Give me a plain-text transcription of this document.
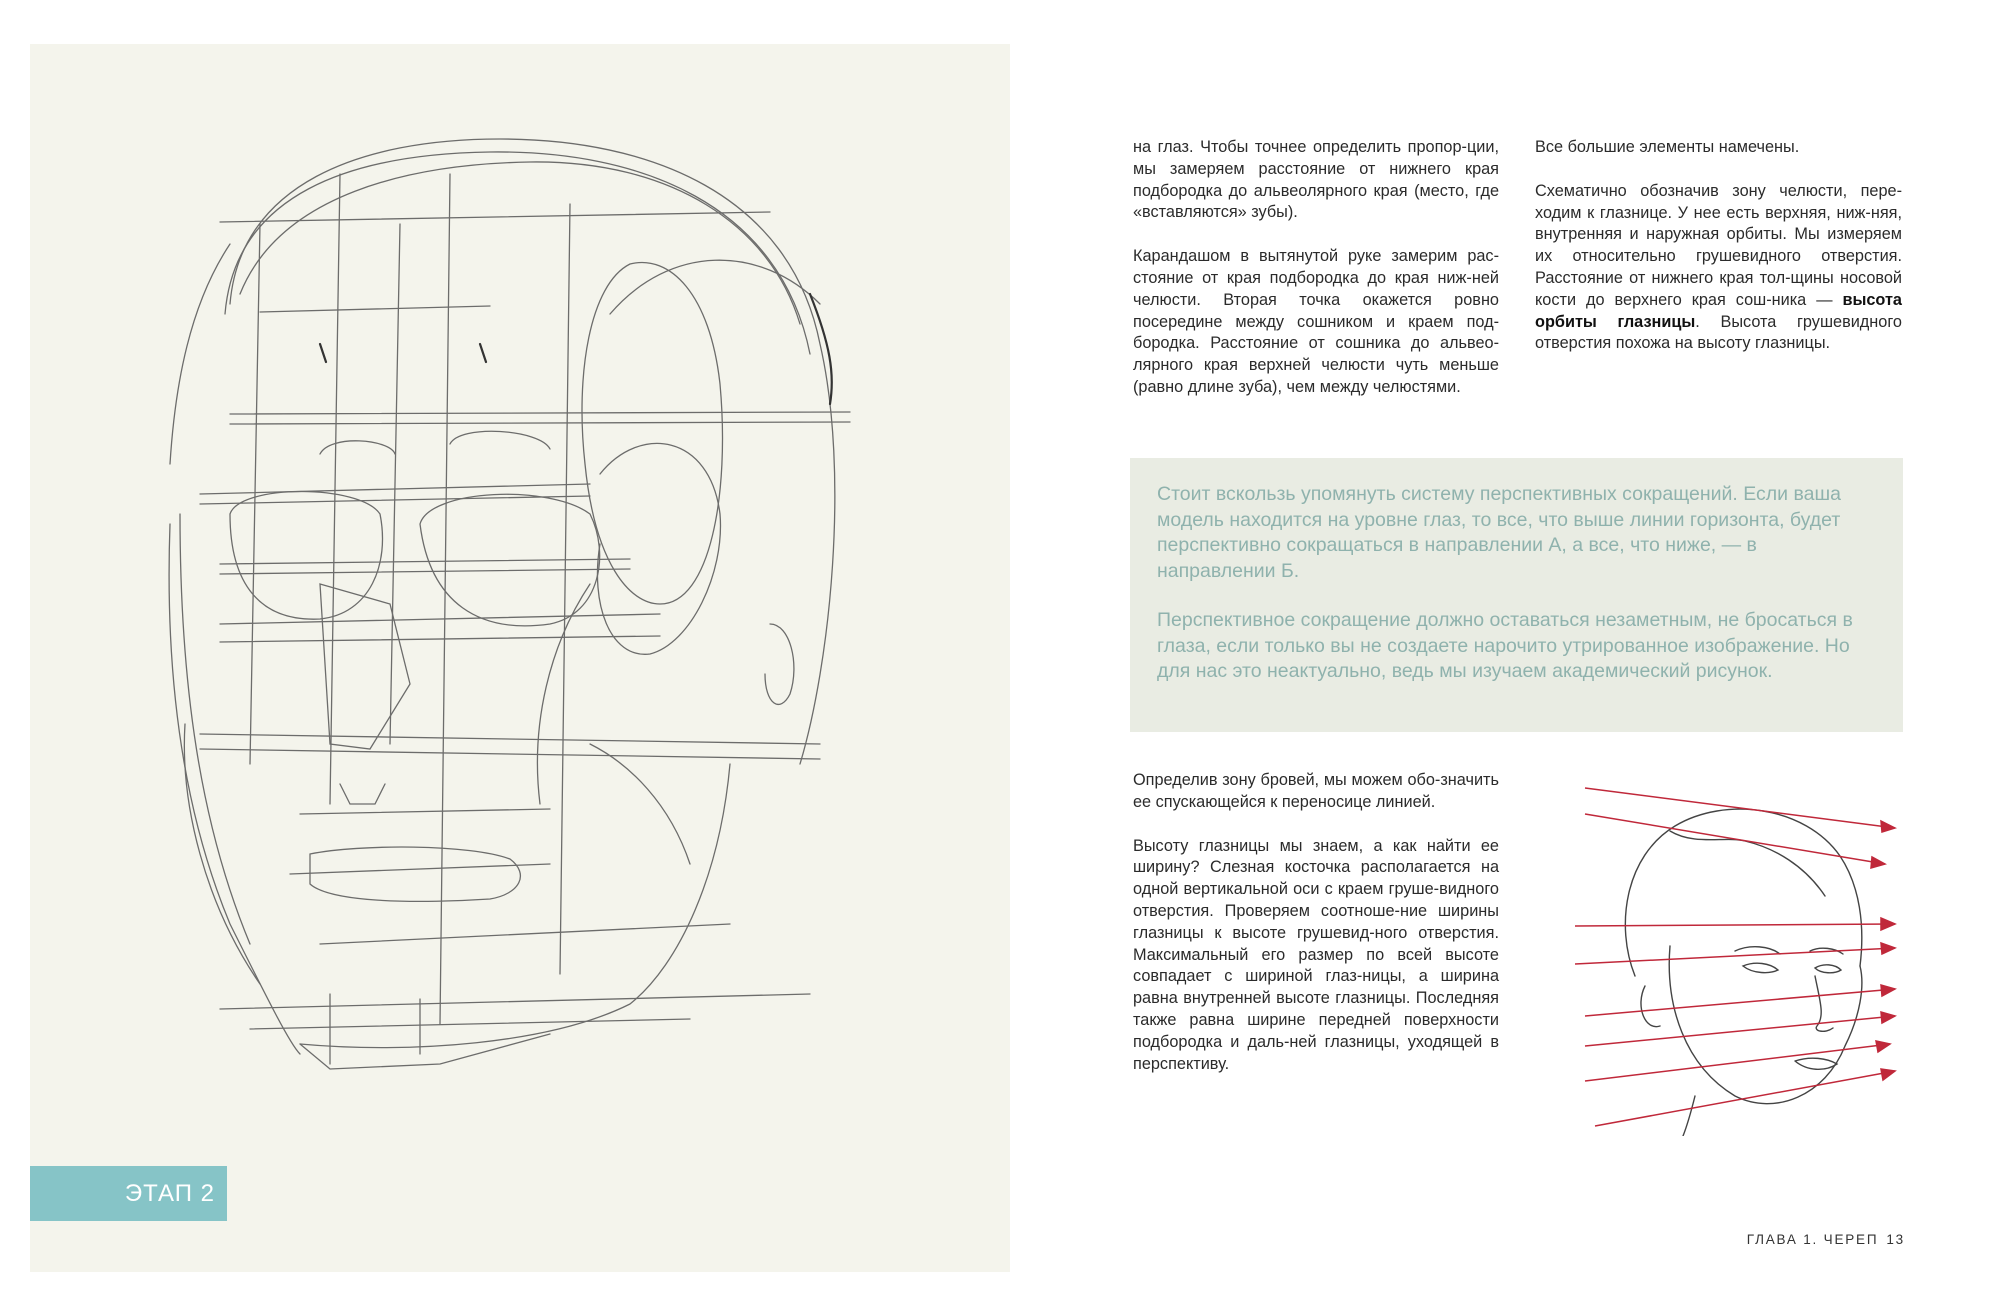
ЭТАП 2

на глаз. Чтобы точнее определить пропор-ции, мы замеряем расстояние от нижнего края подбородка до альвеолярного края (место, где «вставляются» зубы).

Карандашом в вытянутой руке замерим рас-стояние от края подбородка до края ниж-ней челюсти. Вторая точка окажется ровно посередине между сошником и краем под-бородка. Расстояние от сошника до альвео-лярного края верхней челюсти чуть меньше (равно длине зуба), чем между челюстями.

Все большие элементы намечены.

Схематично обозначив зону челюсти, пере-ходим к глазнице. У нее есть верхняя, ниж-няя, внутренняя и наружная орбиты. Мы измеряем их относительно грушевидного отверстия. Расстояние от нижнего края тол-щины носовой кости до верхнего края сош-ника — высота орбиты глазницы. Высота грушевидного отверстия похожа на высоту глазницы.

Стоит вскользь упомянуть систему перспективных сокращений. Если ваша модель находится на уровне глаз, то все, что выше линии горизонта, будет перспективно сокращаться в направлении А, а все, что ниже, — в направлении Б.

Перспективное сокращение должно оставаться незаметным, не бросаться в глаза, если только вы не создаете нарочито утрированное изображение. Но для нас это неактуально, ведь мы изучаем академический рисунок.

Определив зону бровей, мы можем обо-значить ее спускающейся к переносице линией.

Высоту глазницы мы знаем, а как найти ее ширину? Слезная косточка располагается на одной вертикальной оси с краем груше-видного отверстия. Проверяем соотноше-ние ширины глазницы к высоте грушевид-ного отверстия. Максимальный его размер по всей высоте совпадает с шириной глаз-ницы, а ширина равна внутренней высоте глазницы. Последняя также равна ширине передней поверхности подбородка и даль-ней глазницы, уходящей в перспективу.

ГЛАВА 1. ЧЕРЕП 13
